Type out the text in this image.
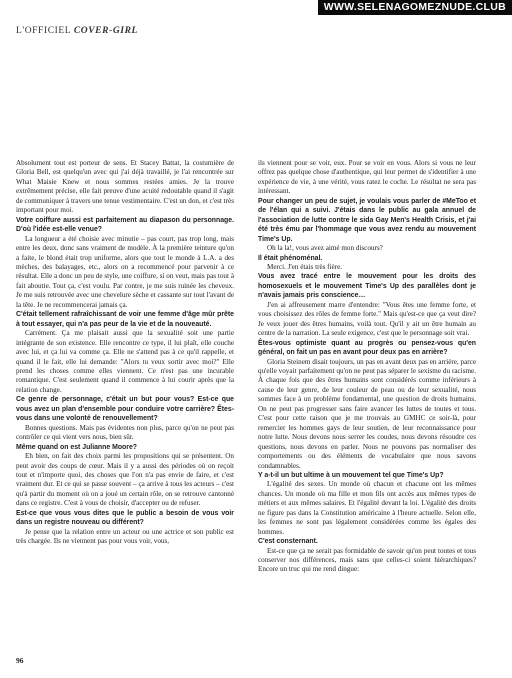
WWW.SELENAGOMEZNUDE.CLUB
L'OFFICIEL COVER-GIRL

Absolument tout est porteur de sens. Et Stacey Battat, la costumière de Gloria Bell, est quelqu'un avec qui j'ai déjà travaillé, je l'ai rencontrée sur What Maisie Knew et nous sommes restées amies. Je la trouve extrêmement précise, elle fait preuve d'une acuité redoutable quand il s'agit de communiquer à travers une tenue vestimentaire. C'est un don, et c'est très important pour moi.

Votre coiffure aussi est parfaitement au diapason du personnage. D'où l'idée est-elle venue?

La longueur a été choisie avec minutie – pas court, pas trop long, mais entre les deux, donc sans vraiment de modèle. À la première teinture qu'on a faite, le blond était trop uniforme, alors que tout le monde à L.A. a des mèches, des balayages, etc., alors on a recommencé pour parvenir à ce résultat. Elle a donc un peu de style, une coiffure, si on veut, mais pas tout à fait aboutie. Tout ça, c'est voulu. Par contre, je me suis ruinée les cheveux. Je me suis retrouvée avec une chevelure sèche et cassante sur tout l'avant de la tête. Je ne recommencerai jamais ça.

C'était tellement rafraîchissant de voir une femme d'âge mûr prête à tout essayer, qui n'a pas peur de la vie et de la nouveauté.

Carrément. Ça me plaisait aussi que la sexualité soit une partie intégrante de son existence. Elle rencontre ce type, il lui plaît, elle couche avec lui, et ça lui va comme ça. Elle ne s'attend pas à ce qu'il rappelle, et quand il le fait, elle lui demande: "Alors tu veux sortir avec moi?" Elle prend les choses comme elles viennent. Ce n'est pas une incurable romantique. C'est seulement quand il commence à lui courir après que la relation change.

Ce genre de personnage, c'était un but pour vous? Est-ce que vous avez un plan d'ensemble pour conduire votre carrière? Êtes-vous dans une volonté de renouvellement?

Bonnes questions. Mais pas évidentes non plus, parce qu'on ne peut pas contrôler ce qui vient vers nous, bien sûr.

Même quand on est Julianne Moore?

Eh bien, on fait des choix parmi les propositions qui se présentent. On peut avoir des coups de cœur. Mais il y a aussi des périodes où on reçoit tout et n'importe quoi, des choses que l'on n'a pas envie de faire, et c'est vraiment dur. Et ce qui se passe souvent – ça arrive à tous les acteurs – c'est qu'à partir du moment où on a joué un certain rôle, on se retrouve cantonné dans ce registre. C'est à vous de choisir, d'accepter ou de refuser.

Est-ce que vous vous dites que le public a besoin de vous voir dans un registre nouveau ou différent?

Je pense que la relation entre un acteur ou une actrice et son public est très chargée. Ils ne viennent pas pour vous voir, vous,

ils viennent pour se voir, eux. Pour se voir en vous. Alors si vous ne leur offrez pas quelque chose d'authentique, qui leur permet de s'identifier à une expérience de vie, à une vérité, vous ratez le coche. Le résultat ne sera pas intéressant.

Pour changer un peu de sujet, je voulais vous parler de #MeToo et de l'élan qui a suivi. J'étais dans le public au gala annuel de l'association de lutte contre le sida Gay Men's Health Crisis, et j'ai été très ému par l'hommage que vous avez rendu au mouvement Time's Up.

Oh la la!, vous avez aimé mon discours?

Il était phénoménal.

Merci. J'en étais très fière.

Vous avez tracé entre le mouvement pour les droits des homosexuels et le mouvement Time's Up des parallèles dont je n'avais jamais pris conscience…

J'en ai affreusement marre d'entendre: "Vous êtes une femme forte, et vous choisissez des rôles de femme forte." Mais qu'est-ce que ça veut dire? Je veux jouer des êtres humains, voilà tout. Qu'il y ait un être humain au centre de la narration. La seule exigence, c'est que le personnage soit vrai.

Êtes-vous optimiste quant au progrès ou pensez-vous qu'en général, on fait un pas en avant pour deux pas en arrière?

Gloria Steinem disait toujours, un pas en avant deux pas en arrière, parce qu'elle voyait parfaitement qu'on ne peut pas séparer le sexisme du racisme. À chaque fois que des êtres humains sont considérés comme inférieurs à cause de leur genre, de leur couleur de peau ou de leur sexualité, nous sommes face à un problème fondamental, une question de droits humains. On ne peut pas progresser sans faire avancer les luttes de toutes et tous. C'est pour cette raison que je me trouvais au GMHC ce soir-là, pour remercier les hommes gays de leur soutien, de leur reconnaissance pour notre lutte. Nous devons nous serrer les coudes, nous devons résoudre ces questions, nous devons en parler. Nous ne pouvons pas normaliser des comportements ou des éléments de vocabulaire que nous savons condamnables.

Y a-t-il un but ultime à un mouvement tel que Time's Up?

L'égalité des sexes. Un monde où chacun et chacune ont les mêmes chances. Un monde où ma fille et mon fils ont accès aux mêmes types de métiers et aux mêmes salaires. Et l'égalité devant la loi. L'égalité des droits ne figure pas dans la Constitution américaine à l'heure actuelle. Selon elle, les femmes ne sont pas légalement considérées comme les égales des hommes.

C'est consternant.

Est-ce que ça ne serait pas formidable de savoir qu'on peut toutes et tous conserver nos différences, mais sans que celles-ci soient hiérarchiques? Encore un truc qui me rend dingue:

96
